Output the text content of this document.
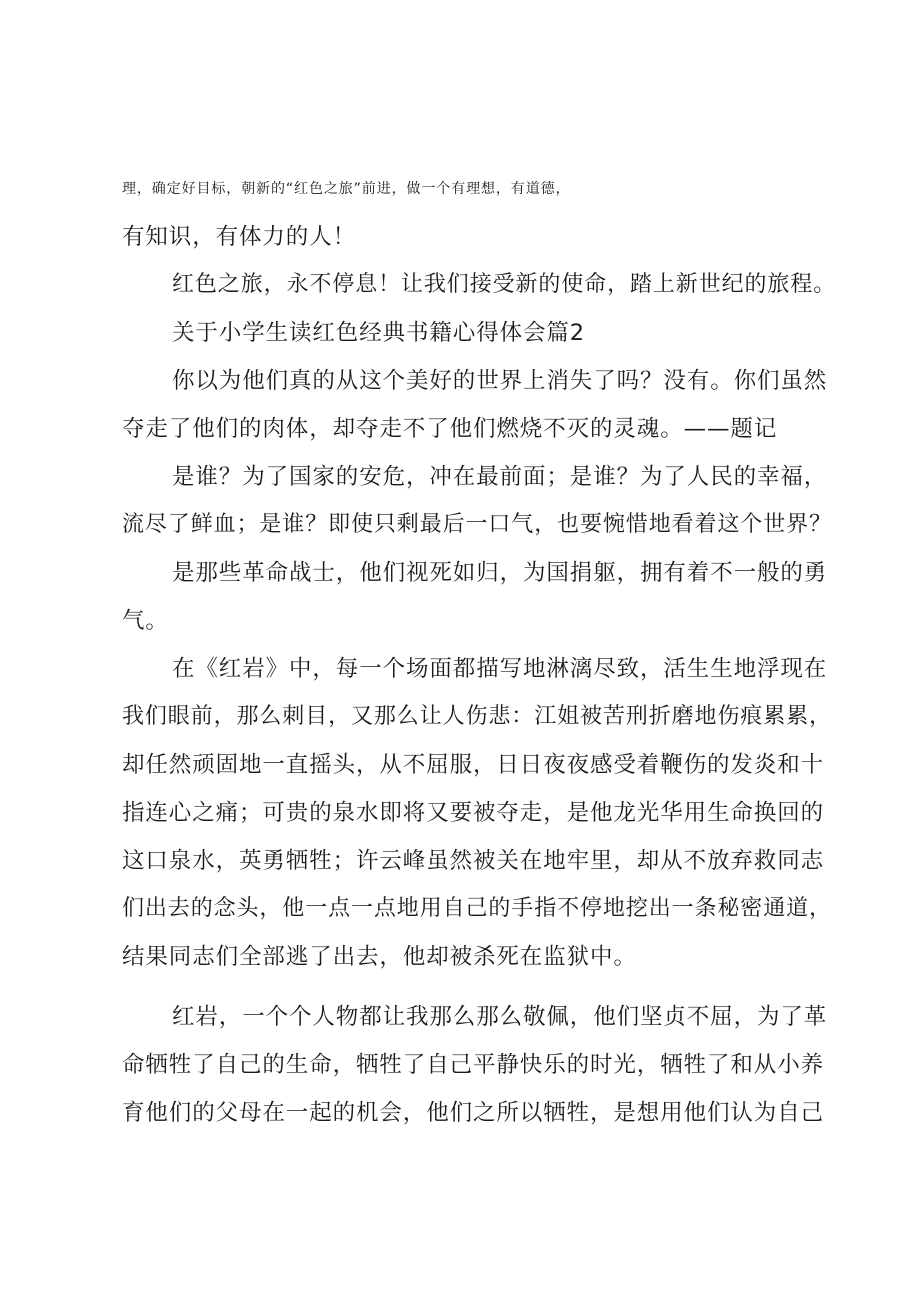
理，确定好目标，朝新的“红色之旅”前进，做一个有理想，有道德，
有知识，有体力的人！
红色之旅，永不停息！让我们接受新的使命，踏上新世纪的旅程。
关于小学生读红色经典书籍心得体会篇2
你以为他们真的从这个美好的世界上消失了吗？没有。你们虽然
夺走了他们的肉体，却夺走不了他们燃烧不灭的灵魂。——题记
是谁？为了国家的安危，冲在最前面；是谁？为了人民的幸福，
流尽了鲜血；是谁？即使只剩最后一口气，也要惋惜地看着这个世界？
是那些革命战士，他们视死如归，为国捐躯，拥有着不一般的勇
气。
在《红岩》中，每一个场面都描写地淋漓尽致，活生生地浮现在
我们眼前，那么刺目，又那么让人伤悲：江姐被苦刑折磨地伤痕累累，
却任然顽固地一直摇头，从不屈服，日日夜夜感受着鞭伤的发炎和十
指连心之痛；可贵的泉水即将又要被夺走，是他龙光华用生命换回的
这口泉水，英勇牺牲；许云峰虽然被关在地牢里，却从不放弃救同志
们出去的念头，他一点一点地用自己的手指不停地挖出一条秘密通道，
结果同志们全部逃了出去，他却被杀死在监狱中。
红岩，一个个人物都让我那么那么敬佩，他们坚贞不屈，为了革
命牺牲了自己的生命，牺牲了自己平静快乐的时光，牺牲了和从小养
育他们的父母在一起的机会，他们之所以牺牲，是想用他们认为自己
